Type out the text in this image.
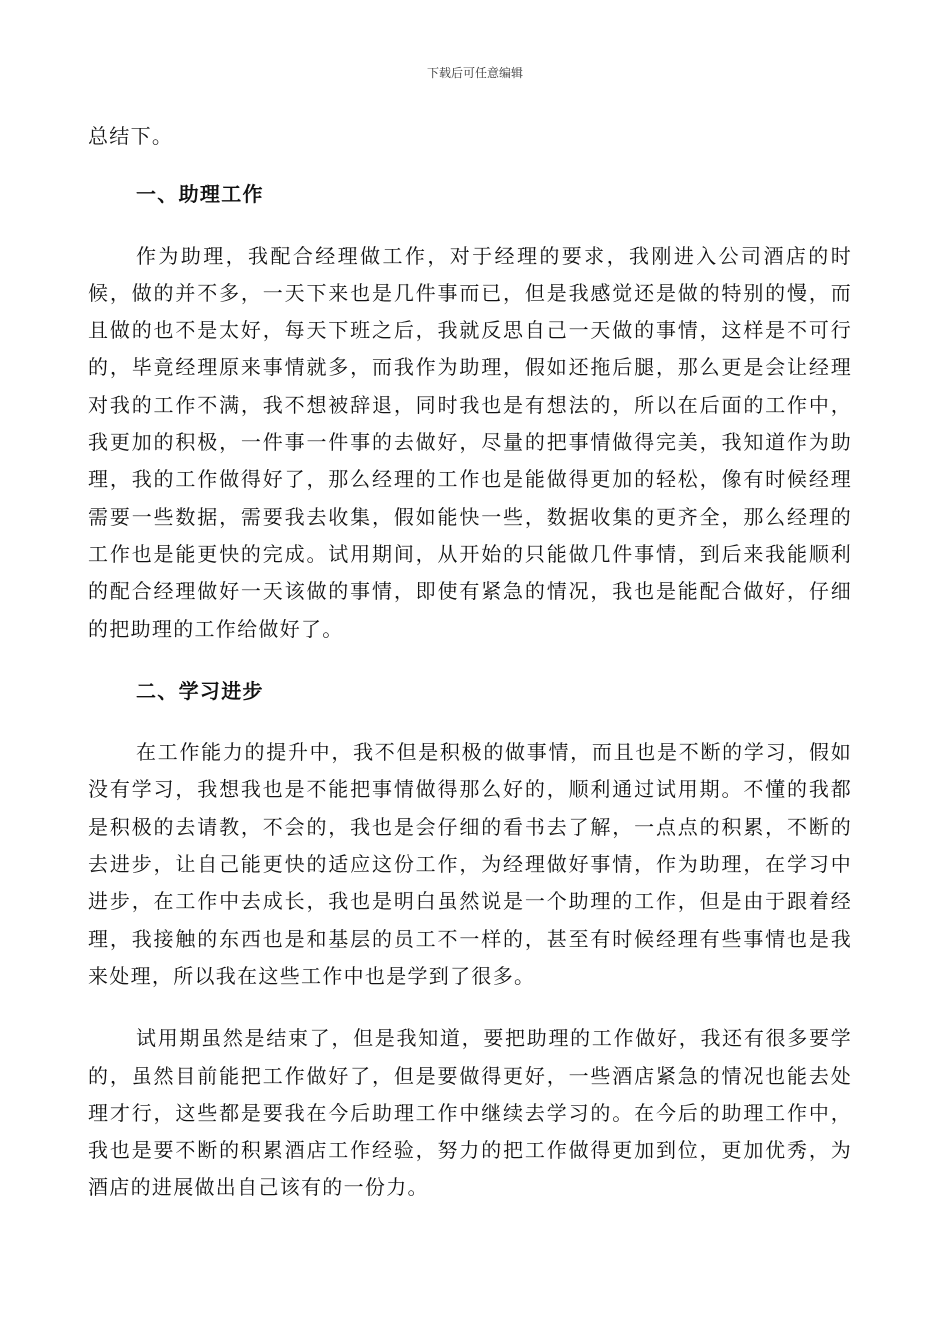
下载后可任意编辑

总结下。

一、助理工作

作为助理，我配合经理做工作，对于经理的要求，我刚进入公司酒店的时候，做的并不多，一天下来也是几件事而已，但是我感觉还是做的特别的慢，而且做的也不是太好，每天下班之后，我就反思自己一天做的事情，这样是不可行的，毕竟经理原来事情就多，而我作为助理，假如还拖后腿，那么更是会让经理对我的工作不满，我不想被辞退，同时我也是有想法的，所以在后面的工作中，我更加的积极，一件事一件事的去做好，尽量的把事情做得完美，我知道作为助理，我的工作做得好了，那么经理的工作也是能做得更加的轻松，像有时候经理需要一些数据，需要我去收集，假如能快一些，数据收集的更齐全，那么经理的工作也是能更快的完成。试用期间，从开始的只能做几件事情，到后来我能顺利的配合经理做好一天该做的事情，即使有紧急的情况，我也是能配合做好，仔细的把助理的工作给做好了。

二、学习进步

在工作能力的提升中，我不但是积极的做事情，而且也是不断的学习，假如没有学习，我想我也是不能把事情做得那么好的，顺利通过试用期。不懂的我都是积极的去请教，不会的，我也是会仔细的看书去了解，一点点的积累，不断的去进步，让自己能更快的适应这份工作，为经理做好事情，作为助理，在学习中进步，在工作中去成长，我也是明白虽然说是一个助理的工作，但是由于跟着经理，我接触的东西也是和基层的员工不一样的，甚至有时候经理有些事情也是我来处理，所以我在这些工作中也是学到了很多。

试用期虽然是结束了，但是我知道，要把助理的工作做好，我还有很多要学的，虽然目前能把工作做好了，但是要做得更好，一些酒店紧急的情况也能去处理才行，这些都是要我在今后助理工作中继续去学习的。在今后的助理工作中，我也是要不断的积累酒店工作经验，努力的把工作做得更加到位，更加优秀，为酒店的进展做出自己该有的一份力。
